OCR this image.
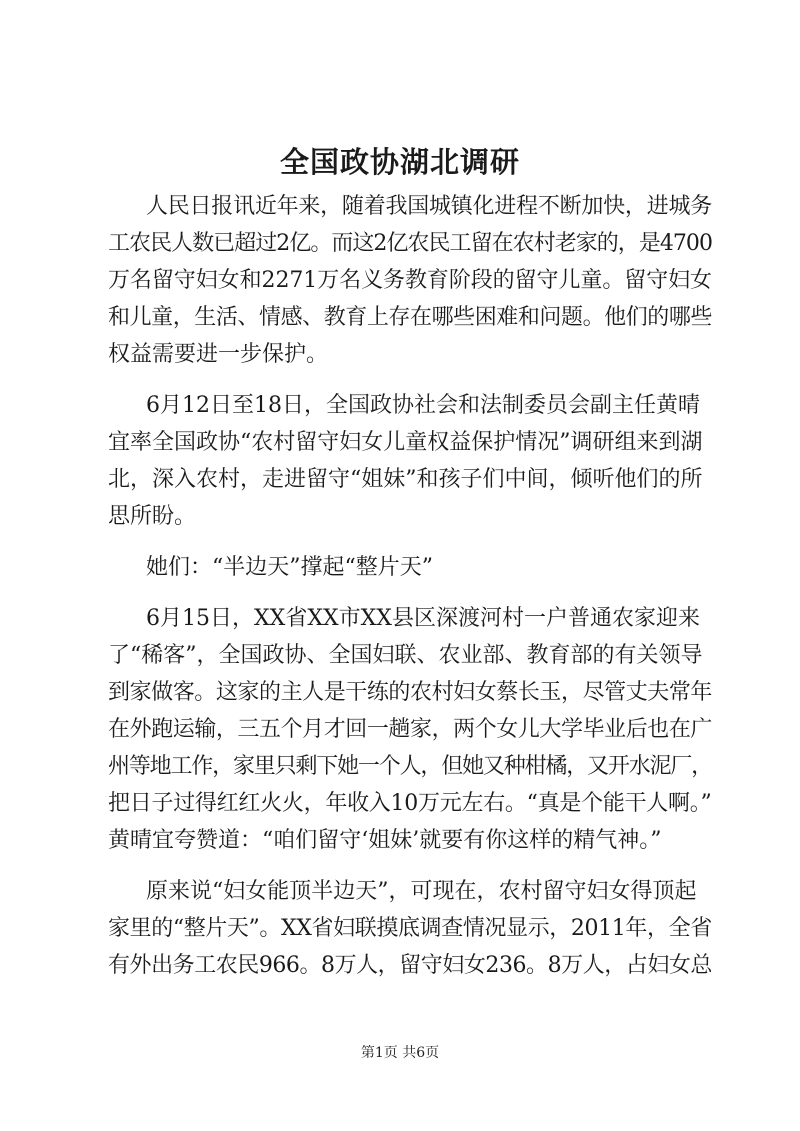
全国政协湖北调研
人民日报讯近年来，随着我国城镇化进程不断加快，进城务
工农民人数已超过2亿。而这2亿农民工留在农村老家的，是4700
万名留守妇女和2271万名义务教育阶段的留守儿童。留守妇女
和儿童，生活、情感、教育上存在哪些困难和问题。他们的哪些
权益需要进一步保护。
6月12日至18日，全国政协社会和法制委员会副主任黄晴
宜率全国政协“农村留守妇女儿童权益保护情况”调研组来到湖
北，深入农村，走进留守“姐妹”和孩子们中间，倾听他们的所
思所盼。
她们：“半边天”撑起“整片天”
6月15日，XX省XX市XX县区深渡河村一户普通农家迎来
了“稀客”，全国政协、全国妇联、农业部、教育部的有关领导
到家做客。这家的主人是干练的农村妇女蔡长玉，尽管丈夫常年
在外跑运输，三五个月才回一趟家，两个女儿大学毕业后也在广
州等地工作，家里只剩下她一个人，但她又种柑橘，又开水泥厂，
把日子过得红红火火，年收入10万元左右。“真是个能干人啊。”
黄晴宜夸赞道：“咱们留守‘姐妹’就要有你这样的精气神。”
原来说“妇女能顶半边天”，可现在，农村留守妇女得顶起
家里的“整片天”。XX省妇联摸底调查情况显示，2011年，全省
有外出务工农民966。8万人，留守妇女236。8万人，占妇女总
第1页 共6页
